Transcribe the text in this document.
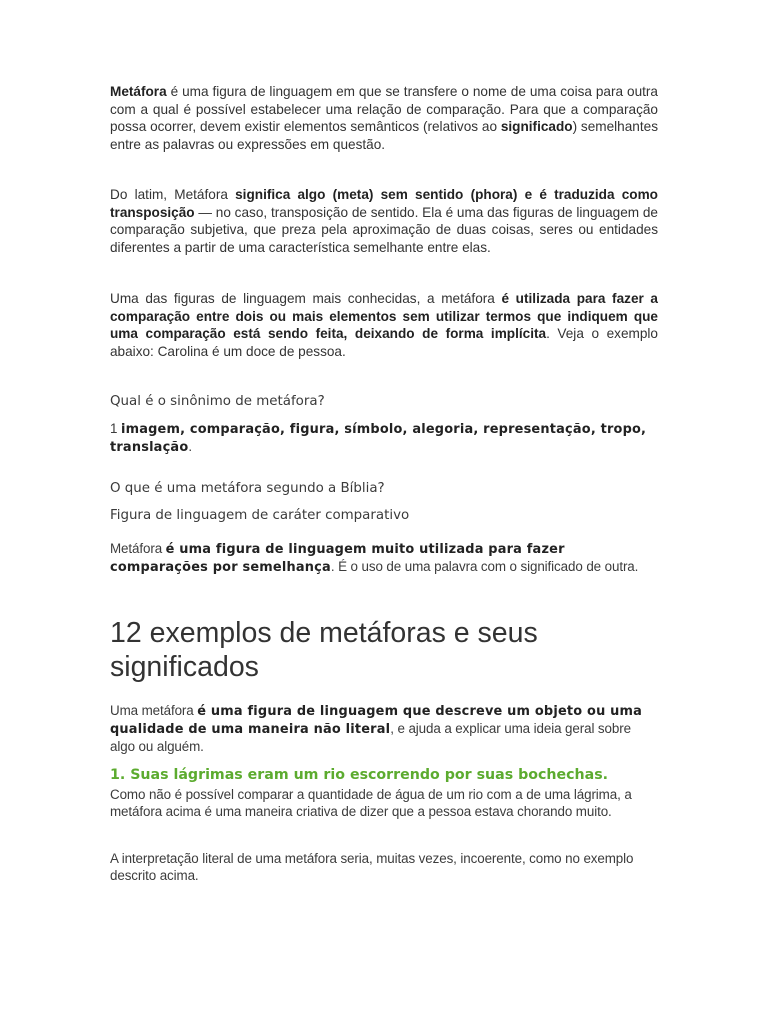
Metáfora é uma figura de linguagem em que se transfere o nome de uma coisa para outra com a qual é possível estabelecer uma relação de comparação. Para que a comparação possa ocorrer, devem existir elementos semânticos (relativos ao significado) semelhantes entre as palavras ou expressões em questão.

Do latim, Metáfora significa algo (meta) sem sentido (phora) e é traduzida como transposição — no caso, transposição de sentido. Ela é uma das figuras de linguagem de comparação subjetiva, que preza pela aproximação de duas coisas, seres ou entidades diferentes a partir de uma característica semelhante entre elas.

Uma das figuras de linguagem mais conhecidas, a metáfora é utilizada para fazer a comparação entre dois ou mais elementos sem utilizar termos que indiquem que uma comparação está sendo feita, deixando de forma implícita. Veja o exemplo abaixo: Carolina é um doce de pessoa.

Qual é o sinônimo de metáfora?

1 imagem, comparação, figura, símbolo, alegoria, representação, tropo, translação.

O que é uma metáfora segundo a Bíblia?

Figura de linguagem de caráter comparativo

Metáfora é uma figura de linguagem muito utilizada para fazer comparações por semelhança. É o uso de uma palavra com o significado de outra.

12 exemplos de metáforas e seus significados

Uma metáfora é uma figura de linguagem que descreve um objeto ou uma qualidade de uma maneira não literal, e ajuda a explicar uma ideia geral sobre algo ou alguém.

1. Suas lágrimas eram um rio escorrendo por suas bochechas.

Como não é possível comparar a quantidade de água de um rio com a de uma lágrima, a metáfora acima é uma maneira criativa de dizer que a pessoa estava chorando muito.

A interpretação literal de uma metáfora seria, muitas vezes, incoerente, como no exemplo descrito acima.
